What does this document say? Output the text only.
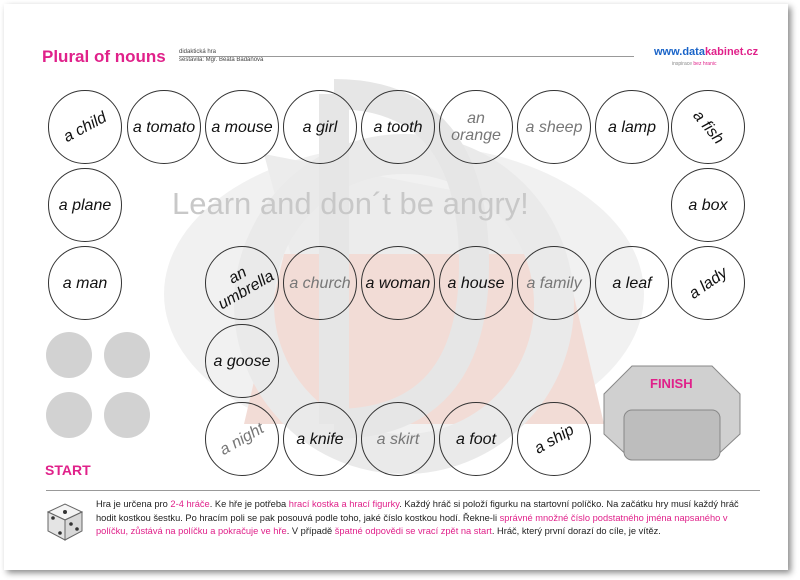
Plural of nouns didaktická hra
sestavila: Mgr. Beáta Badáňová
www.datakabinet.cz
inspirace bez hranic
Learn and don´t be angry!
a child a tomato a mouse a girl a tooth	an orange	a sheep a lamp a fish
a plane	a box
a man	an umbrella a church a woman a house a family a leaf a lady
a goose
a night a knife a skirt a foot a ship
START
FINISH
Hra je určena pro 2-4 hráče. Ke hře je potřeba hrací kostka a hrací figurky. Každý hráč si položí figurku na startovní políčko. Na začátku hry musí každý hráč hodit kostkou šestku. Po hracím poli se pak posouvá podle toho, jaké číslo kostkou hodí. Řekne-li správné množné číslo podstatného jména napsaného v políčku, zůstává na políčku a pokračuje ve hře. V případě špatné odpovědi se vrací zpět na start. Hráč, který první dorazí do cíle, je vítěz.
